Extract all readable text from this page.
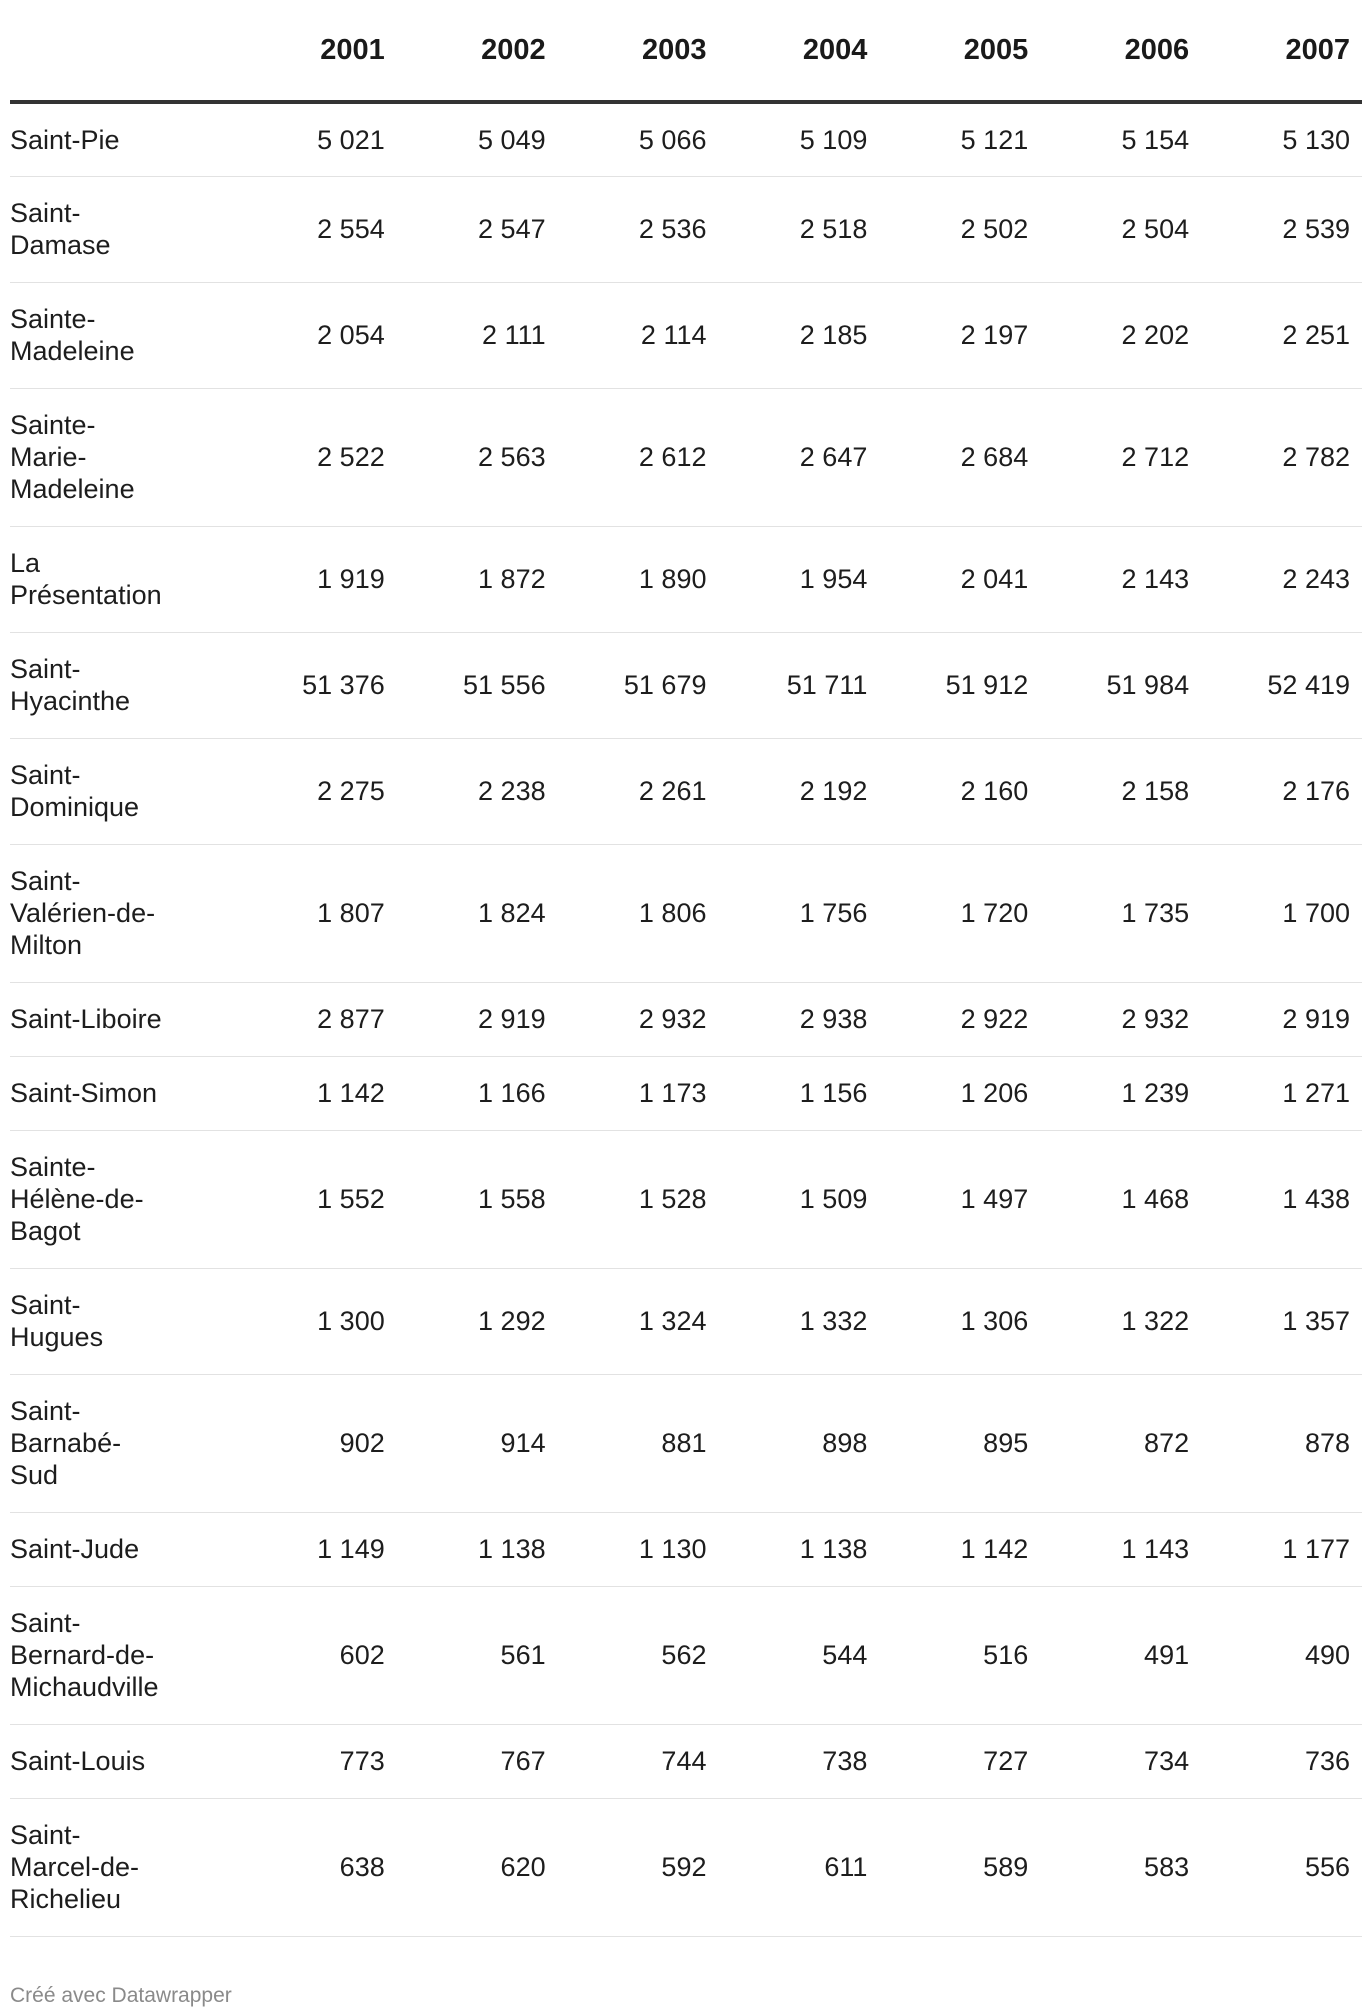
	2001	2002	2003	2004	2005	2006	2007

Saint-Pie	5 021	5 049	5 066	5 109	5 121	5 154	5 130

Saint-
Damase	2 554	2 547	2 536	2 518	2 502	2 504	2 539

Sainte-
Madeleine	2 054	2 111	2 114	2 185	2 197	2 202	2 251

Sainte-
Marie-
Madeleine	2 522	2 563	2 612	2 647	2 684	2 712	2 782

La
Présentation	1 919	1 872	1 890	1 954	2 041	2 143	2 243

Saint-
Hyacinthe	51 376	51 556	51 679	51 711	51 912	51 984	52 419

Saint-
Dominique	2 275	2 238	2 261	2 192	2 160	2 158	2 176

Saint-
Valérien-de-
Milton	1 807	1 824	1 806	1 756	1 720	1 735	1 700

Saint-Liboire	2 877	2 919	2 932	2 938	2 922	2 932	2 919

Saint-Simon	1 142	1 166	1 173	1 156	1 206	1 239	1 271

Sainte-
Hélène-de-
Bagot	1 552	1 558	1 528	1 509	1 497	1 468	1 438

Saint-
Hugues	1 300	1 292	1 324	1 332	1 306	1 322	1 357

Saint-
Barnabé-
Sud	902	914	881	898	895	872	878

Saint-Jude	1 149	1 138	1 130	1 138	1 142	1 143	1 177

Saint-
Bernard-de-
Michaudville	602	561	562	544	516	491	490

Saint-Louis	773	767	744	738	727	734	736

Saint-
Marcel-de-
Richelieu	638	620	592	611	589	583	556
Créé avec Datawrapper
